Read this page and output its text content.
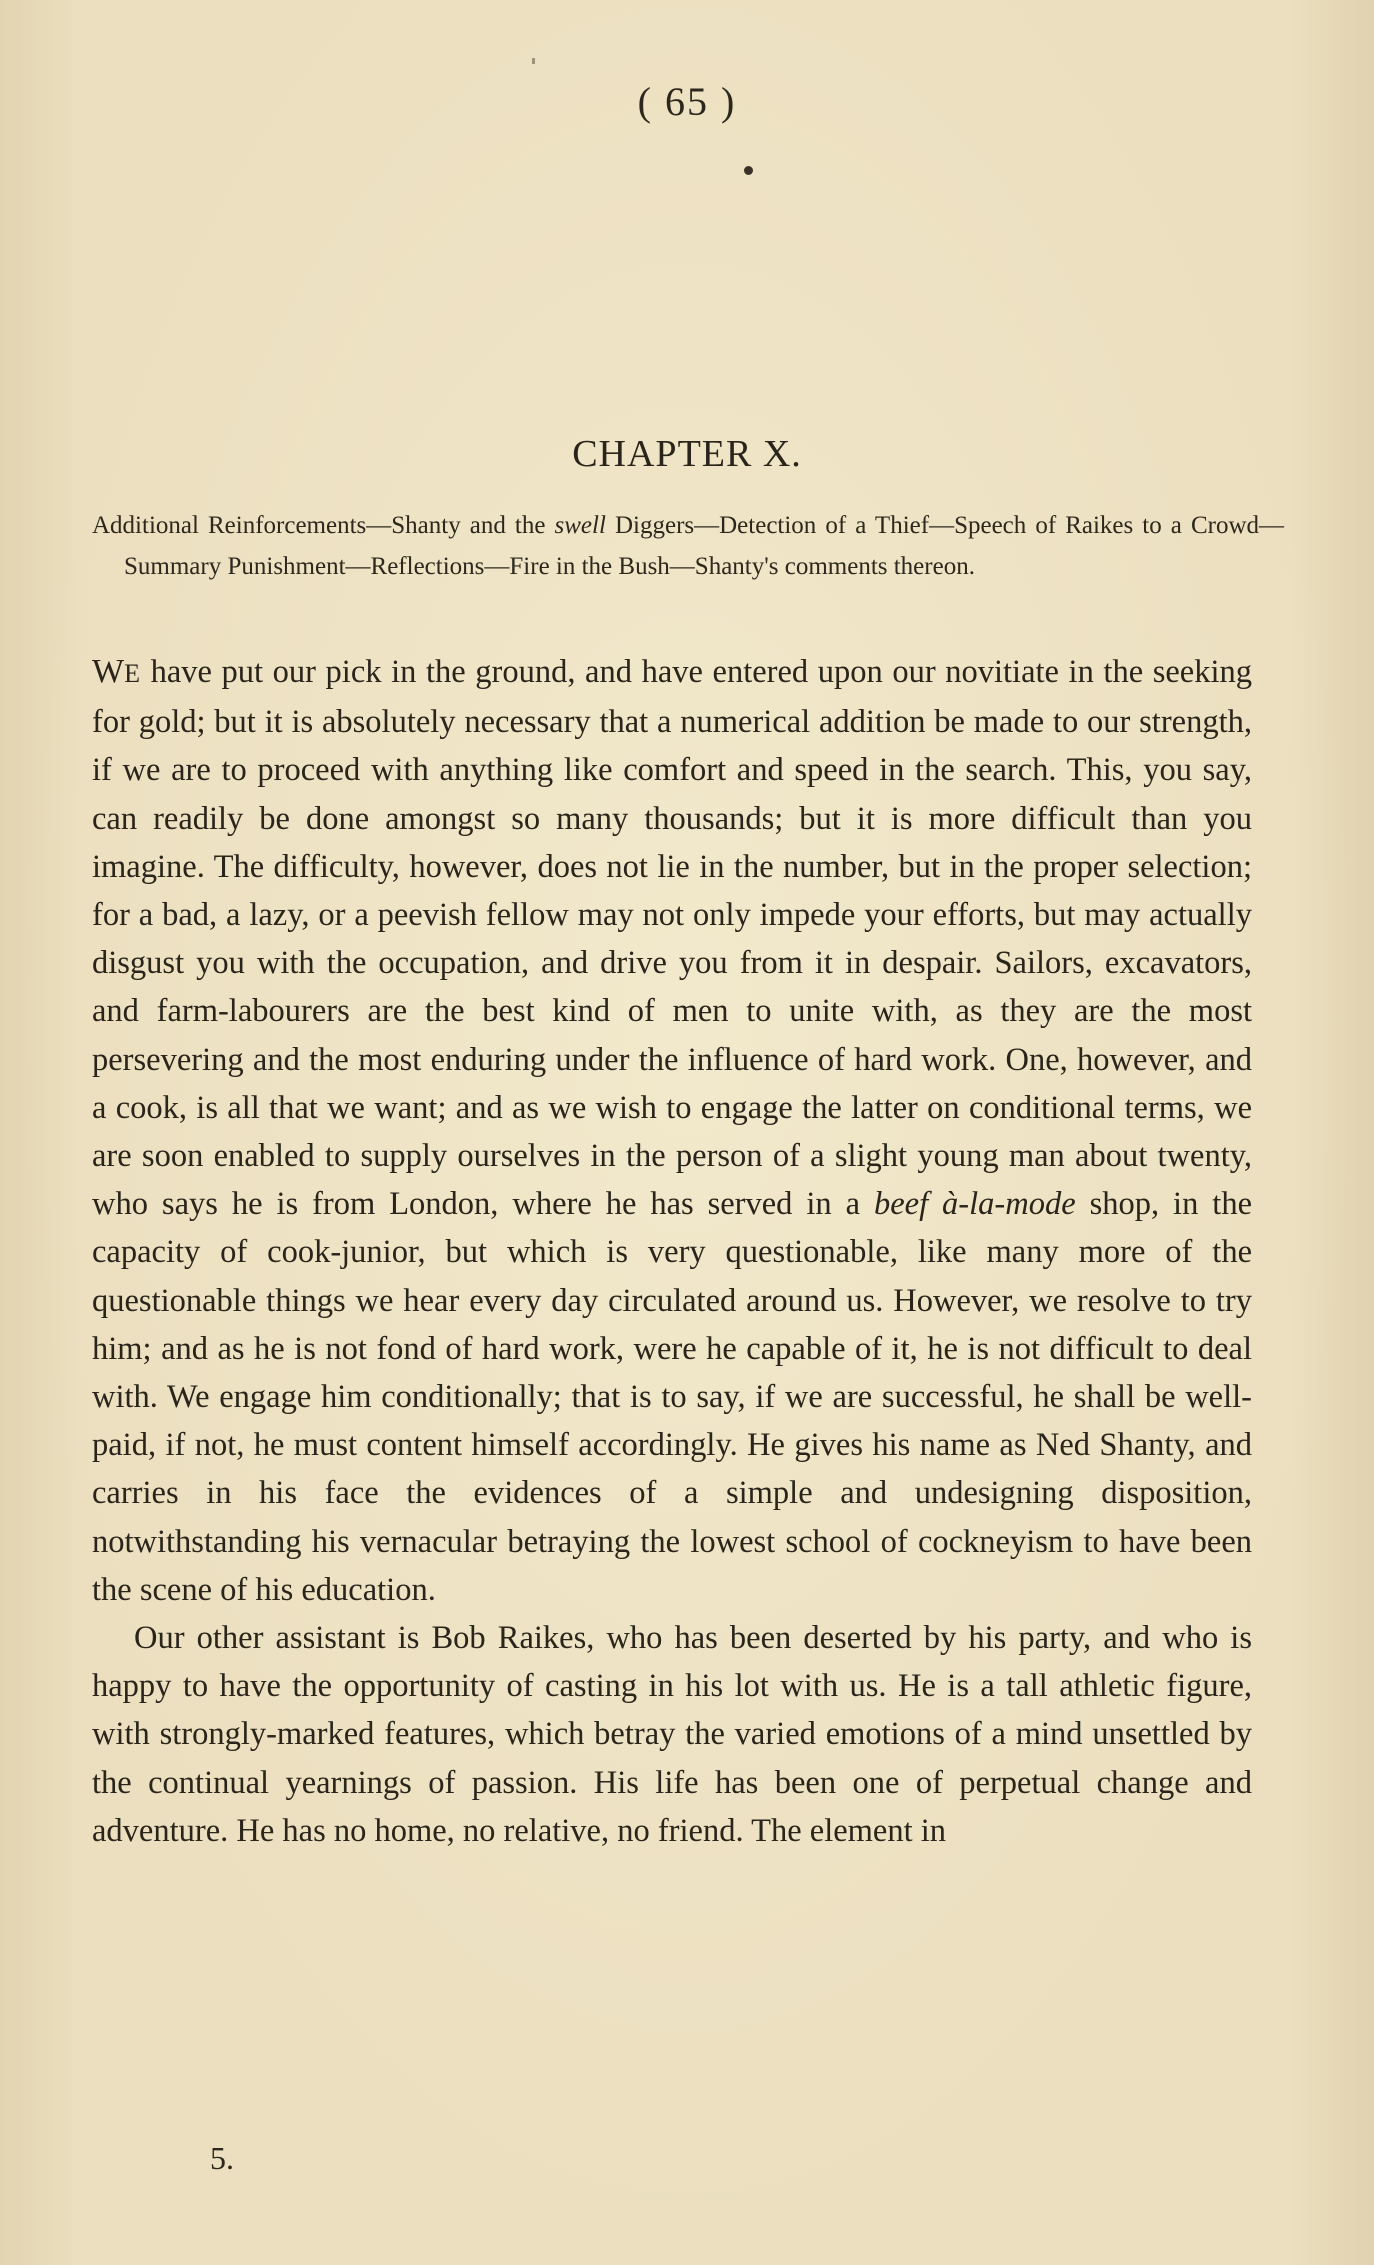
( 65 )
CHAPTER X.
Additional Reinforcements—Shanty and the swell Diggers—Detection of a Thief—Speech of Raikes to a Crowd—Summary Punishment—Reflections—Fire in the Bush—Shanty's comments thereon.

WE have put our pick in the ground, and have entered upon our novitiate in the seeking for gold; but it is absolutely necessary that a numerical addition be made to our strength, if we are to proceed with anything like comfort and speed in the search. This, you say, can readily be done amongst so many thousands; but it is more difficult than you imagine. The difficulty, however, does not lie in the number, but in the proper selection; for a bad, a lazy, or a peevish fellow may not only impede your efforts, but may actually disgust you with the occupation, and drive you from it in despair. Sailors, excavators, and farm-labourers are the best kind of men to unite with, as they are the most persevering and the most enduring under the influence of hard work. One, however, and a cook, is all that we want; and as we wish to engage the latter on conditional terms, we are soon enabled to supply ourselves in the person of a slight young man about twenty, who says he is from London, where he has served in a beef à-la-mode shop, in the capacity of cook-junior, but which is very questionable, like many more of the questionable things we hear every day circulated around us. However, we resolve to try him; and as he is not fond of hard work, were he capable of it, he is not difficult to deal with. We engage him conditionally; that is to say, if we are successful, he shall be well-paid, if not, he must content himself accordingly. He gives his name as Ned Shanty, and carries in his face the evidences of a simple and undesigning disposition, notwithstanding his vernacular betraying the lowest school of cockneyism to have been the scene of his education.

Our other assistant is Bob Raikes, who has been deserted by his party, and who is happy to have the opportunity of casting in his lot with us. He is a tall athletic figure, with strongly-marked features, which betray the varied emotions of a mind unsettled by the continual yearnings of passion. His life has been one of perpetual change and adventure. He has no home, no relative, no friend. The element in

5.
